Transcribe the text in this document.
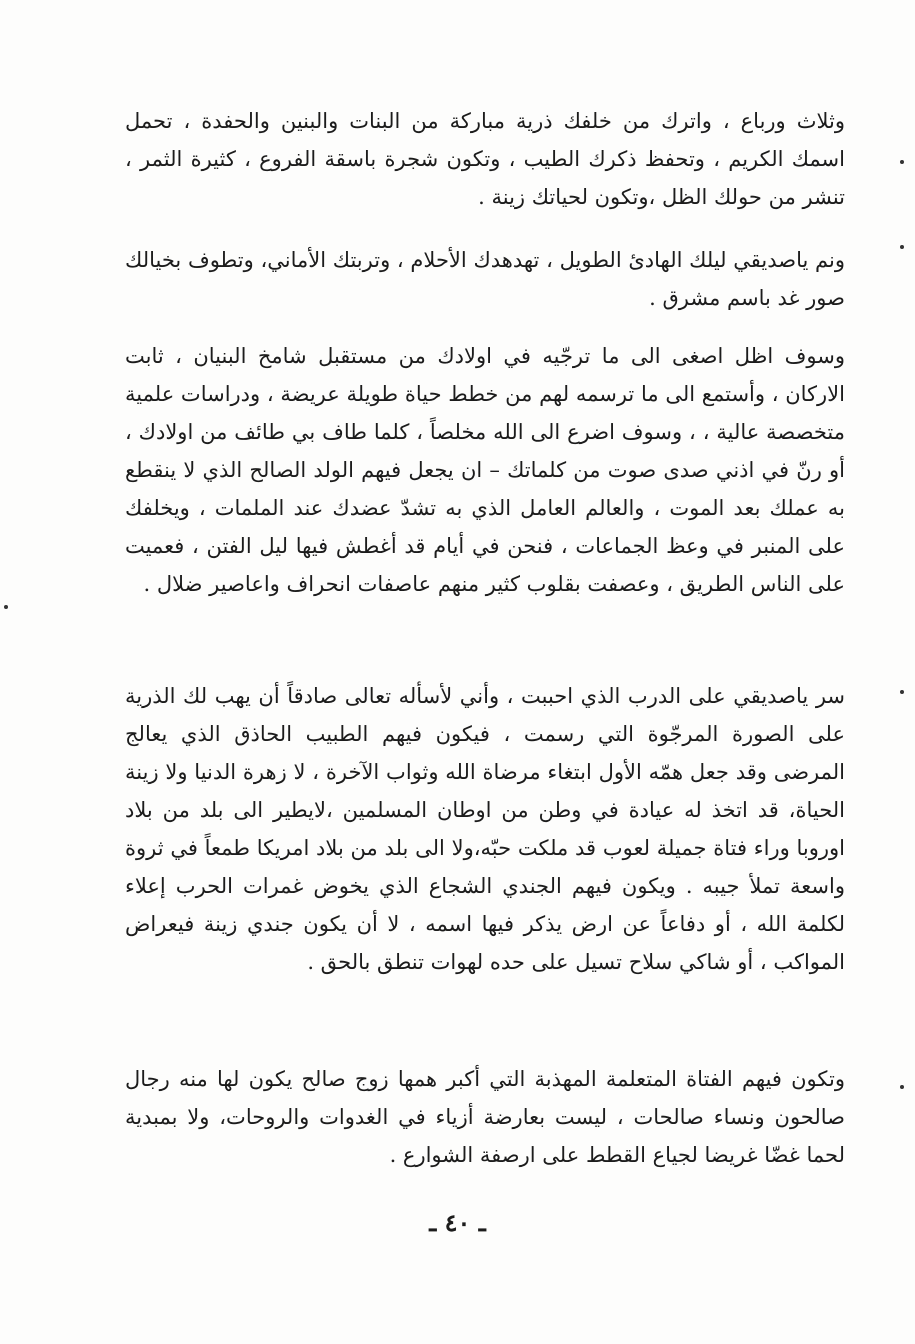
وثلاث ورباع ، واترك من خلفك ذرية مباركة من البنات والبنين والحفدة ، تحمل اسمك الكريم ، وتحفظ ذكرك الطيب ، وتكون شجرة باسقة الفروع ، كثيرة الثمر ، تنشر من حولك الظل ،وتكون لحياتك زينة .

ونم ياصديقي ليلك الهادئ الطويل ، تهدهدك الأحلام ، وتربتك الأماني، وتطوف بخيالك صور غد باسم مشرق .

وسوف اظل اصغى الى ما ترجّيه في اولادك من مستقبل شامخ البنيان ، ثابت الاركان ، وأستمع الى ما ترسمه لهم من خطط حياة طويلة عريضة ، ودراسات علمية متخصصة عالية ، ، وسوف اضرع الى الله مخلصاً ، كلما طاف بي طائف من اولادك ، أو رنّ في اذني صدى صوت من كلماتك – ان يجعل فيهم الولد الصالح الذي لا ينقطع به عملك بعد الموت ، والعالم العامل الذي به تشدّ عضدك عند الملمات ، ويخلفك على المنبر في وعظ الجماعات ، فنحن في أيام قد أغطش فيها ليل الفتن ، فعميت على الناس الطريق ، وعصفت بقلوب كثير منهم عاصفات انحراف واعاصير ضلال .

سر ياصديقي على الدرب الذي احببت ، وأني لأسأله تعالى صادقاً أن يهب لك الذرية على الصورة المرجّوة التي رسمت ، فيكون فيهم الطبيب الحاذق الذي يعالج المرضى وقد جعل همّه الأول ابتغاء مرضاة الله وثواب الآخرة ، لا زهرة الدنيا ولا زينة الحياة، قد اتخذ له عيادة في وطن من اوطان المسلمين ،لايطير الى بلد من بلاد اوروبا وراء فتاة جميلة لعوب قد ملكت حبّه،ولا الى بلد من بلاد امريكا طمعاً في ثروة واسعة تملأ جيبه . ويكون فيهم الجندي الشجاع الذي يخوض غمرات الحرب إعلاء لكلمة الله ، أو دفاعاً عن ارض يذكر فيها اسمه ، لا أن يكون جندي زينة فيعراض المواكب ، أو شاكي سلاح تسيل على حده لهوات تنطق بالحق .

وتكون فيهم الفتاة المتعلمة المهذبة التي أكبر همها زوج صالح يكون لها منه رجال صالحون ونساء صالحات ، ليست بعارضة أزياء في الغدوات والروحات، ولا بمبدية لحما غضّا غريضا لجياع القطط على ارصفة الشوارع .

ـ ٤٠ ـ
